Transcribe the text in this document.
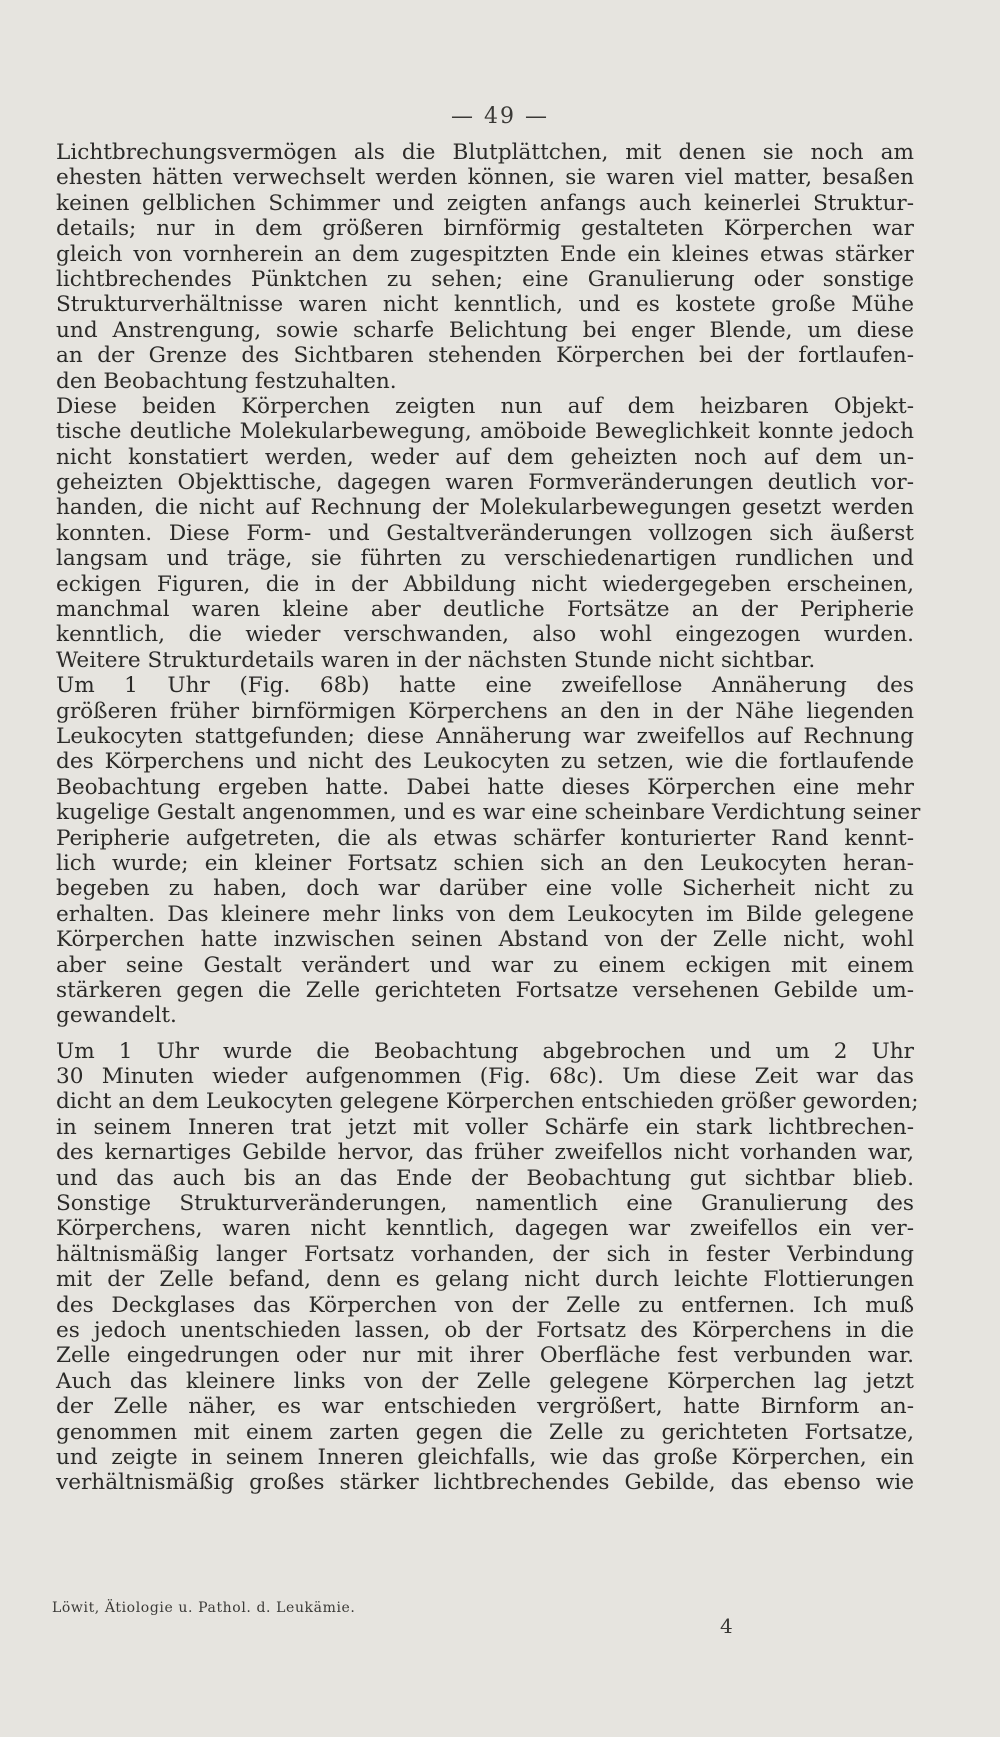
— 49 —

Lichtbrechungsvermögen als die Blutplättchen, mit denen sie noch am
ehesten hätten verwechselt werden können, sie waren viel matter, besaßen
keinen gelblichen Schimmer und zeigten anfangs auch keinerlei Struktur-
details; nur in dem größeren birnförmig gestalteten Körperchen war
gleich von vornherein an dem zugespitzten Ende ein kleines etwas stärker
lichtbrechendes Pünktchen zu sehen; eine Granulierung oder sonstige
Strukturverhältnisse waren nicht kenntlich, und es kostete große Mühe
und Anstrengung, sowie scharfe Belichtung bei enger Blende, um diese
an der Grenze des Sichtbaren stehenden Körperchen bei der fortlaufen-
den Beobachtung festzuhalten.

Diese beiden Körperchen zeigten nun auf dem heizbaren Objekt-
tische deutliche Molekularbewegung, amöboide Beweglichkeit konnte jedoch
nicht konstatiert werden, weder auf dem geheizten noch auf dem un-
geheizten Objekttische, dagegen waren Formveränderungen deutlich vor-
handen, die nicht auf Rechnung der Molekularbewegungen gesetzt werden
konnten. Diese Form- und Gestaltveränderungen vollzogen sich äußerst
langsam und träge, sie führten zu verschiedenartigen rundlichen und
eckigen Figuren, die in der Abbildung nicht wiedergegeben erscheinen,
manchmal waren kleine aber deutliche Fortsätze an der Peripherie
kenntlich, die wieder verschwanden, also wohl eingezogen wurden.
Weitere Strukturdetails waren in der nächsten Stunde nicht sichtbar.

Um 1 Uhr (Fig. 68b) hatte eine zweifellose Annäherung des
größeren früher birnförmigen Körperchens an den in der Nähe liegenden
Leukocyten stattgefunden; diese Annäherung war zweifellos auf Rechnung
des Körperchens und nicht des Leukocyten zu setzen, wie die fortlaufende
Beobachtung ergeben hatte. Dabei hatte dieses Körperchen eine mehr
kugelige Gestalt angenommen, und es war eine scheinbare Verdichtung seiner
Peripherie aufgetreten, die als etwas schärfer konturierter Rand kennt-
lich wurde; ein kleiner Fortsatz schien sich an den Leukocyten heran-
begeben zu haben, doch war darüber eine volle Sicherheit nicht zu
erhalten. Das kleinere mehr links von dem Leukocyten im Bilde gelegene
Körperchen hatte inzwischen seinen Abstand von der Zelle nicht, wohl
aber seine Gestalt verändert und war zu einem eckigen mit einem
stärkeren gegen die Zelle gerichteten Fortsatze versehenen Gebilde um-
gewandelt.

Um 1 Uhr wurde die Beobachtung abgebrochen und um 2 Uhr
30 Minuten wieder aufgenommen (Fig. 68c). Um diese Zeit war das
dicht an dem Leukocyten gelegene Körperchen entschieden größer geworden;
in seinem Inneren trat jetzt mit voller Schärfe ein stark lichtbrechen-
des kernartiges Gebilde hervor, das früher zweifellos nicht vorhanden war,
und das auch bis an das Ende der Beobachtung gut sichtbar blieb.
Sonstige Strukturveränderungen, namentlich eine Granulierung des
Körperchens, waren nicht kenntlich, dagegen war zweifellos ein ver-
hältnismäßig langer Fortsatz vorhanden, der sich in fester Verbindung
mit der Zelle befand, denn es gelang nicht durch leichte Flottierungen
des Deckglases das Körperchen von der Zelle zu entfernen. Ich muß
es jedoch unentschieden lassen, ob der Fortsatz des Körperchens in die
Zelle eingedrungen oder nur mit ihrer Oberfläche fest verbunden war.
Auch das kleinere links von der Zelle gelegene Körperchen lag jetzt
der Zelle näher, es war entschieden vergrößert, hatte Birnform an-
genommen mit einem zarten gegen die Zelle zu gerichteten Fortsatze,
und zeigte in seinem Inneren gleichfalls, wie das große Körperchen, ein
verhältnismäßig großes stärker lichtbrechendes Gebilde, das ebenso wie

Löwit, Ätiologie u. Pathol. d. Leukämie.
4
